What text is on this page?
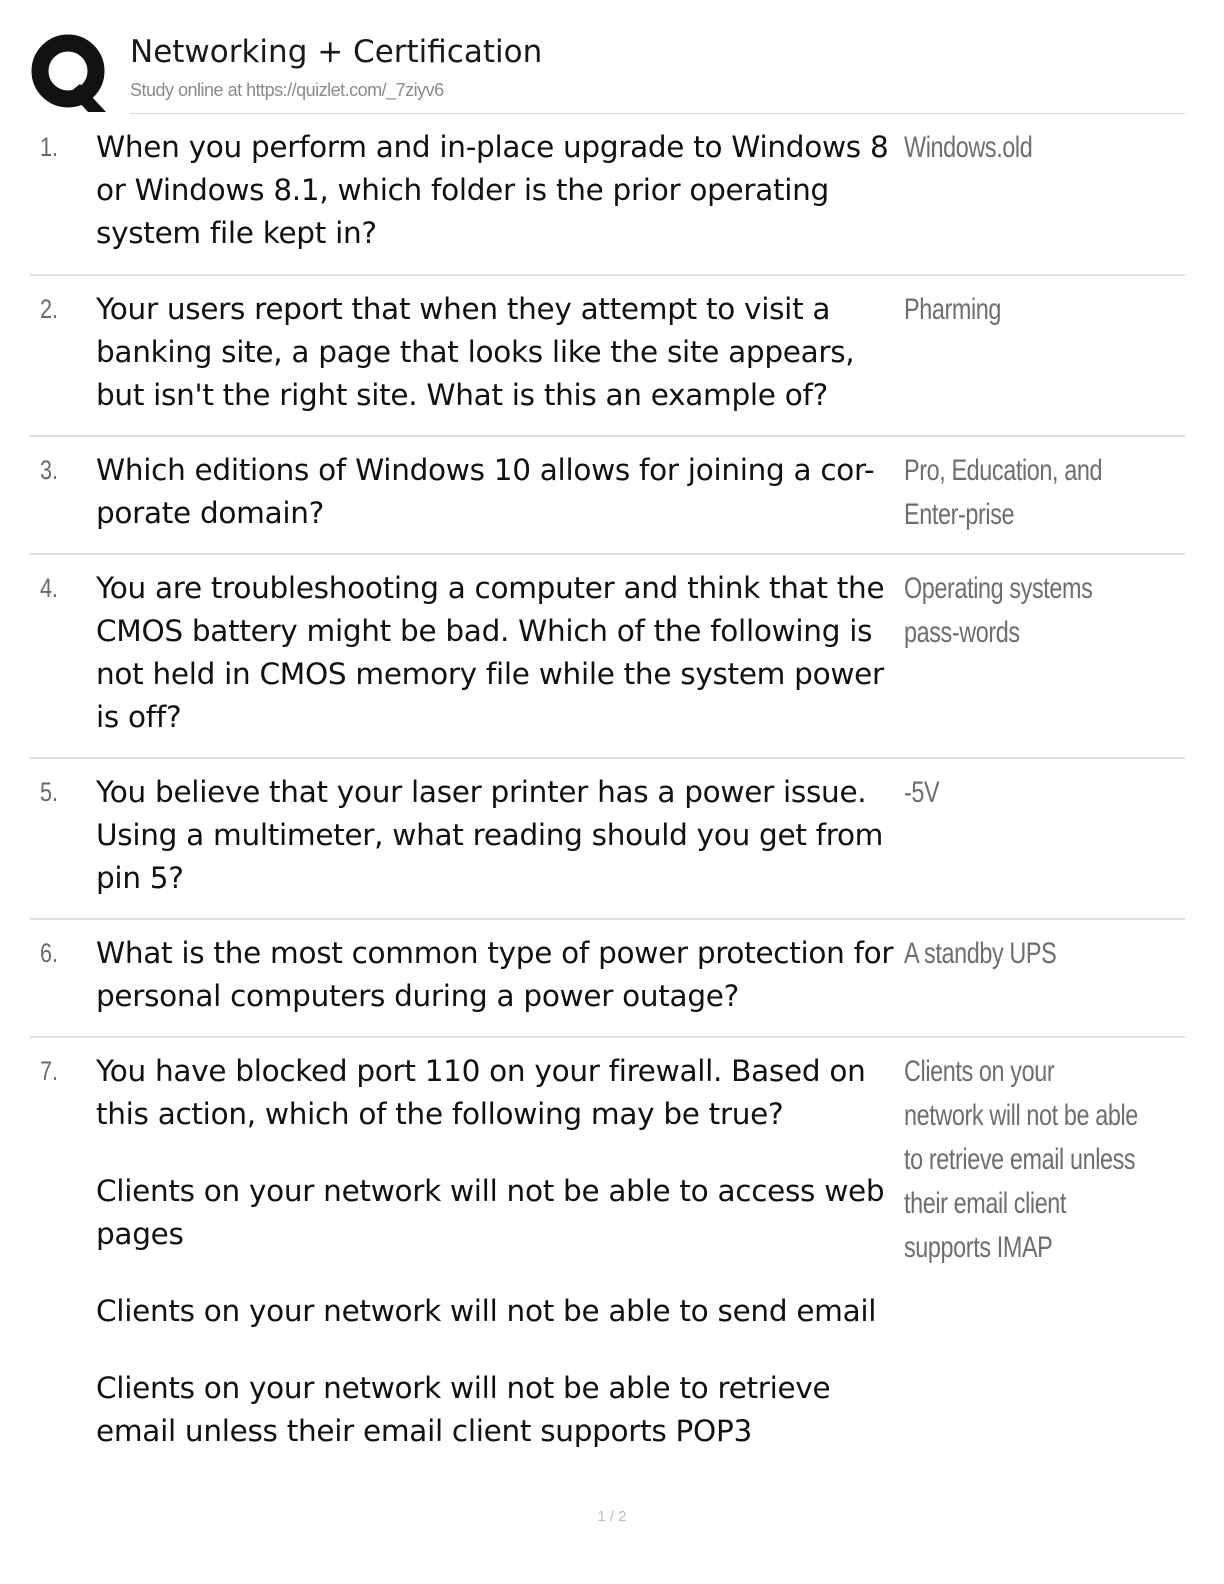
Networking + Certification
Study online at https://quizlet.com/_7ziyv6
1. When you perform and in-place upgrade to Windows 8 or Windows 8.1, which folder is the prior operating system file kept in?

Windows.old
2. Your users report that when they attempt to visit a banking site, a page that looks like the site appears, but isn't the right site. What is this an example of?

Pharming
3. Which editions of Windows 10 allows for joining a cor-porate domain?

Pro, Education, and Enter-prise
4. You are troubleshooting a computer and think that the CMOS battery might be bad. Which of the following is not held in CMOS memory file while the system power is off?

Operating systems pass-words
5. You believe that your laser printer has a power issue. Using a multimeter, what reading should you get from pin 5?

-5V
6. What is the most common type of power protection for personal computers during a power outage?

A standby UPS
7. You have blocked port 110 on your firewall. Based on this action, which of the following may be true?

Clients on your network will not be able to access web pages

Clients on your network will not be able to send email

Clients on your network will not be able to retrieve email unless their email client supports POP3

Clients on your network will not be able to retrieve email unless their email client supports IMAP
1 / 2
